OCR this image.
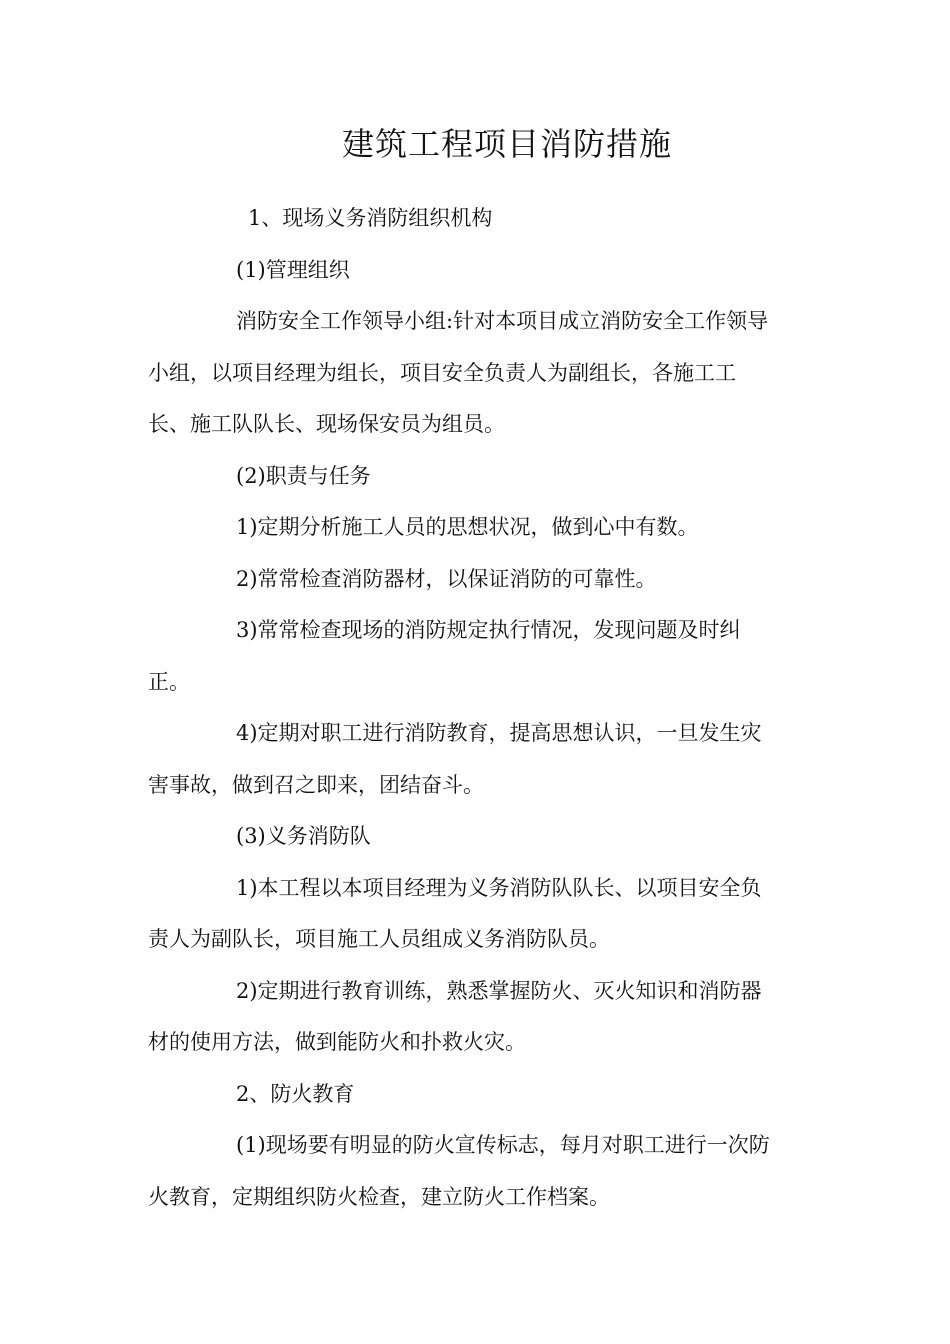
建筑工程项目消防措施
1、现场义务消防组织机构
(1)管理组织
消防安全工作领导小组:针对本项目成立消防安全工作领导
小组，以项目经理为组长，项目安全负责人为副组长，各施工工
长、施工队队长、现场保安员为组员。
(2)职责与任务
1)定期分析施工人员的思想状况，做到心中有数。
2)常常检查消防器材，以保证消防的可靠性。
3)常常检查现场的消防规定执行情况，发现问题及时纠
正。
4)定期对职工进行消防教育，提高思想认识，一旦发生灾
害事故，做到召之即来，团结奋斗。
(3)义务消防队
1)本工程以本项目经理为义务消防队队长、以项目安全负
责人为副队长，项目施工人员组成义务消防队员。
2)定期进行教育训练，熟悉掌握防火、灭火知识和消防器
材的使用方法，做到能防火和扑救火灾。
2、防火教育
(1)现场要有明显的防火宣传标志，每月对职工进行一次防
火教育，定期组织防火检查，建立防火工作档案。
